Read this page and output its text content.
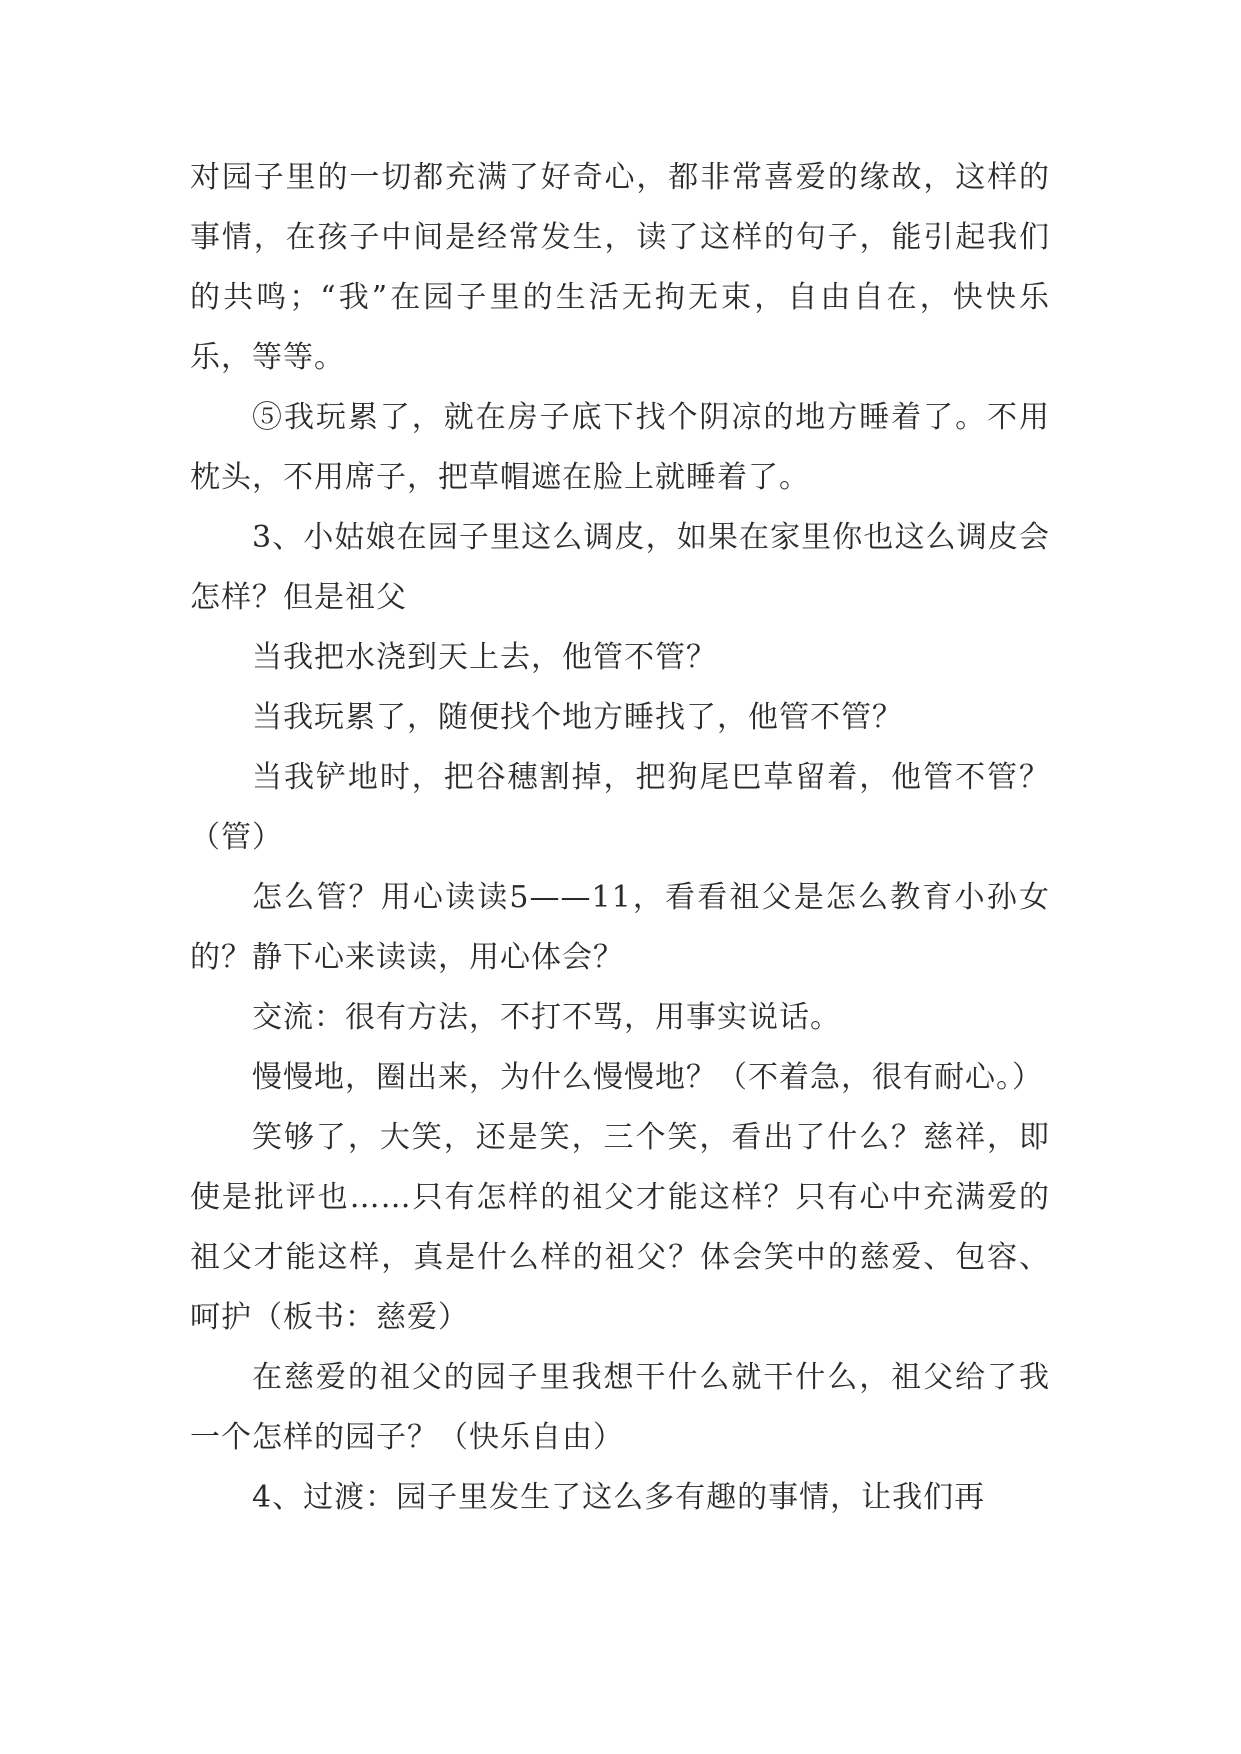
对园子里的一切都充满了好奇心，都非常喜爱的缘故，这样的事情，在孩子中间是经常发生，读了这样的句子，能引起我们的共鸣；“我”在园子里的生活无拘无束，自由自在，快快乐乐，等等。

⑤我玩累了，就在房子底下找个阴凉的地方睡着了。不用枕头，不用席子，把草帽遮在脸上就睡着了。

3、小姑娘在园子里这么调皮，如果在家里你也这么调皮会怎样？但是祖父

当我把水浇到天上去，他管不管？

当我玩累了，随便找个地方睡找了，他管不管？

当我铲地时，把谷穗割掉，把狗尾巴草留着，他管不管？（管）

怎么管？用心读读5——11，看看祖父是怎么教育小孙女的？静下心来读读，用心体会？

交流：很有方法，不打不骂，用事实说话。

慢慢地，圈出来，为什么慢慢地？（不着急，很有耐心。）

笑够了，大笑，还是笑，三个笑，看出了什么？慈祥，即使是批评也……只有怎样的祖父才能这样？只有心中充满爱的祖父才能这样，真是什么样的祖父？体会笑中的慈爱、包容、呵护（板书：慈爱）

在慈爱的祖父的园子里我想干什么就干什么，祖父给了我一个怎样的园子？（快乐自由）

4、过渡：园子里发生了这么多有趣的事情，让我们再
